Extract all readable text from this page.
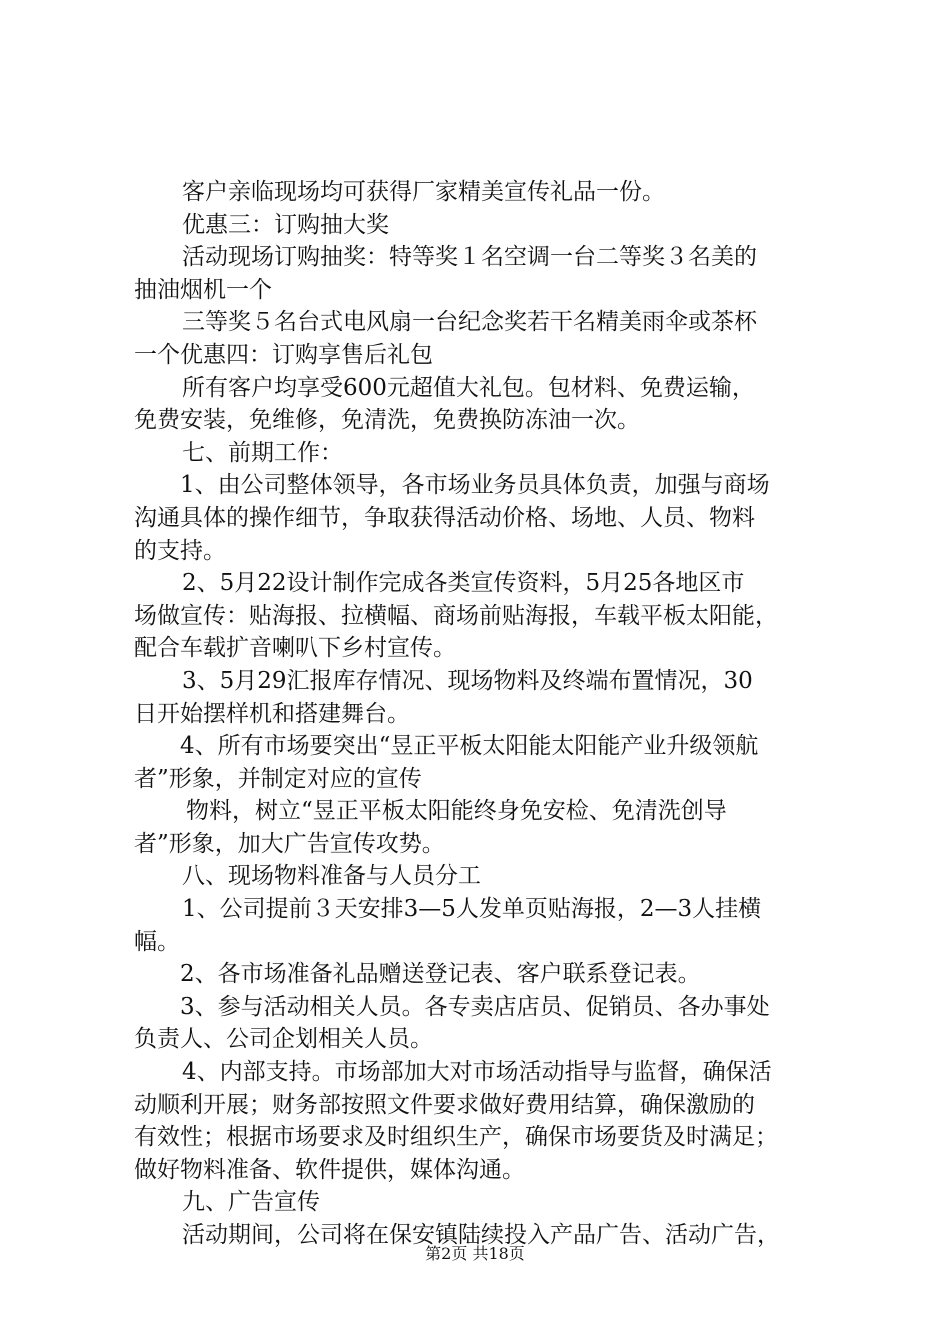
客户亲临现场均可获得厂家精美宣传礼品一份。
优惠三：订购抽大奖
活动现场订购抽奖：特等奖１名空调一台二等奖３名美的
抽油烟机一个
三等奖５名台式电风扇一台纪念奖若干名精美雨伞或茶杯
一个优惠四：订购享售后礼包
所有客户均享受600元超值大礼包。包材料、免费运输，
免费安装，免维修，免清洗，免费换防冻油一次。
七、前期工作：
1、由公司整体领导，各市场业务员具体负责，加强与商场
沟通具体的操作细节，争取获得活动价格、场地、人员、物料
的支持。
2、5月22设计制作完成各类宣传资料，5月25各地区市
场做宣传：贴海报、拉横幅、商场前贴海报，车载平板太阳能，
配合车载扩音喇叭下乡村宣传。
3、5月29汇报库存情况、现场物料及终端布置情况，30
日开始摆样机和搭建舞台。
4、所有市场要突出“昱正平板太阳能太阳能产业升级领航
者”形象，并制定对应的宣传
物料，树立“昱正平板太阳能终身免安检、免清洗创导
者”形象，加大广告宣传攻势。
八、现场物料准备与人员分工
1、公司提前３天安排3—5人发单页贴海报，2—3人挂横
幅。
2、各市场准备礼品赠送登记表、客户联系登记表。
3、参与活动相关人员。各专卖店店员、促销员、各办事处
负责人、公司企划相关人员。
4、内部支持。市场部加大对市场活动指导与监督，确保活
动顺利开展；财务部按照文件要求做好费用结算，确保激励的
有效性；根据市场要求及时组织生产，确保市场要货及时满足；
做好物料准备、软件提供，媒体沟通。
九、广告宣传
活动期间，公司将在保安镇陆续投入产品广告、活动广告，
第2页 共18页
